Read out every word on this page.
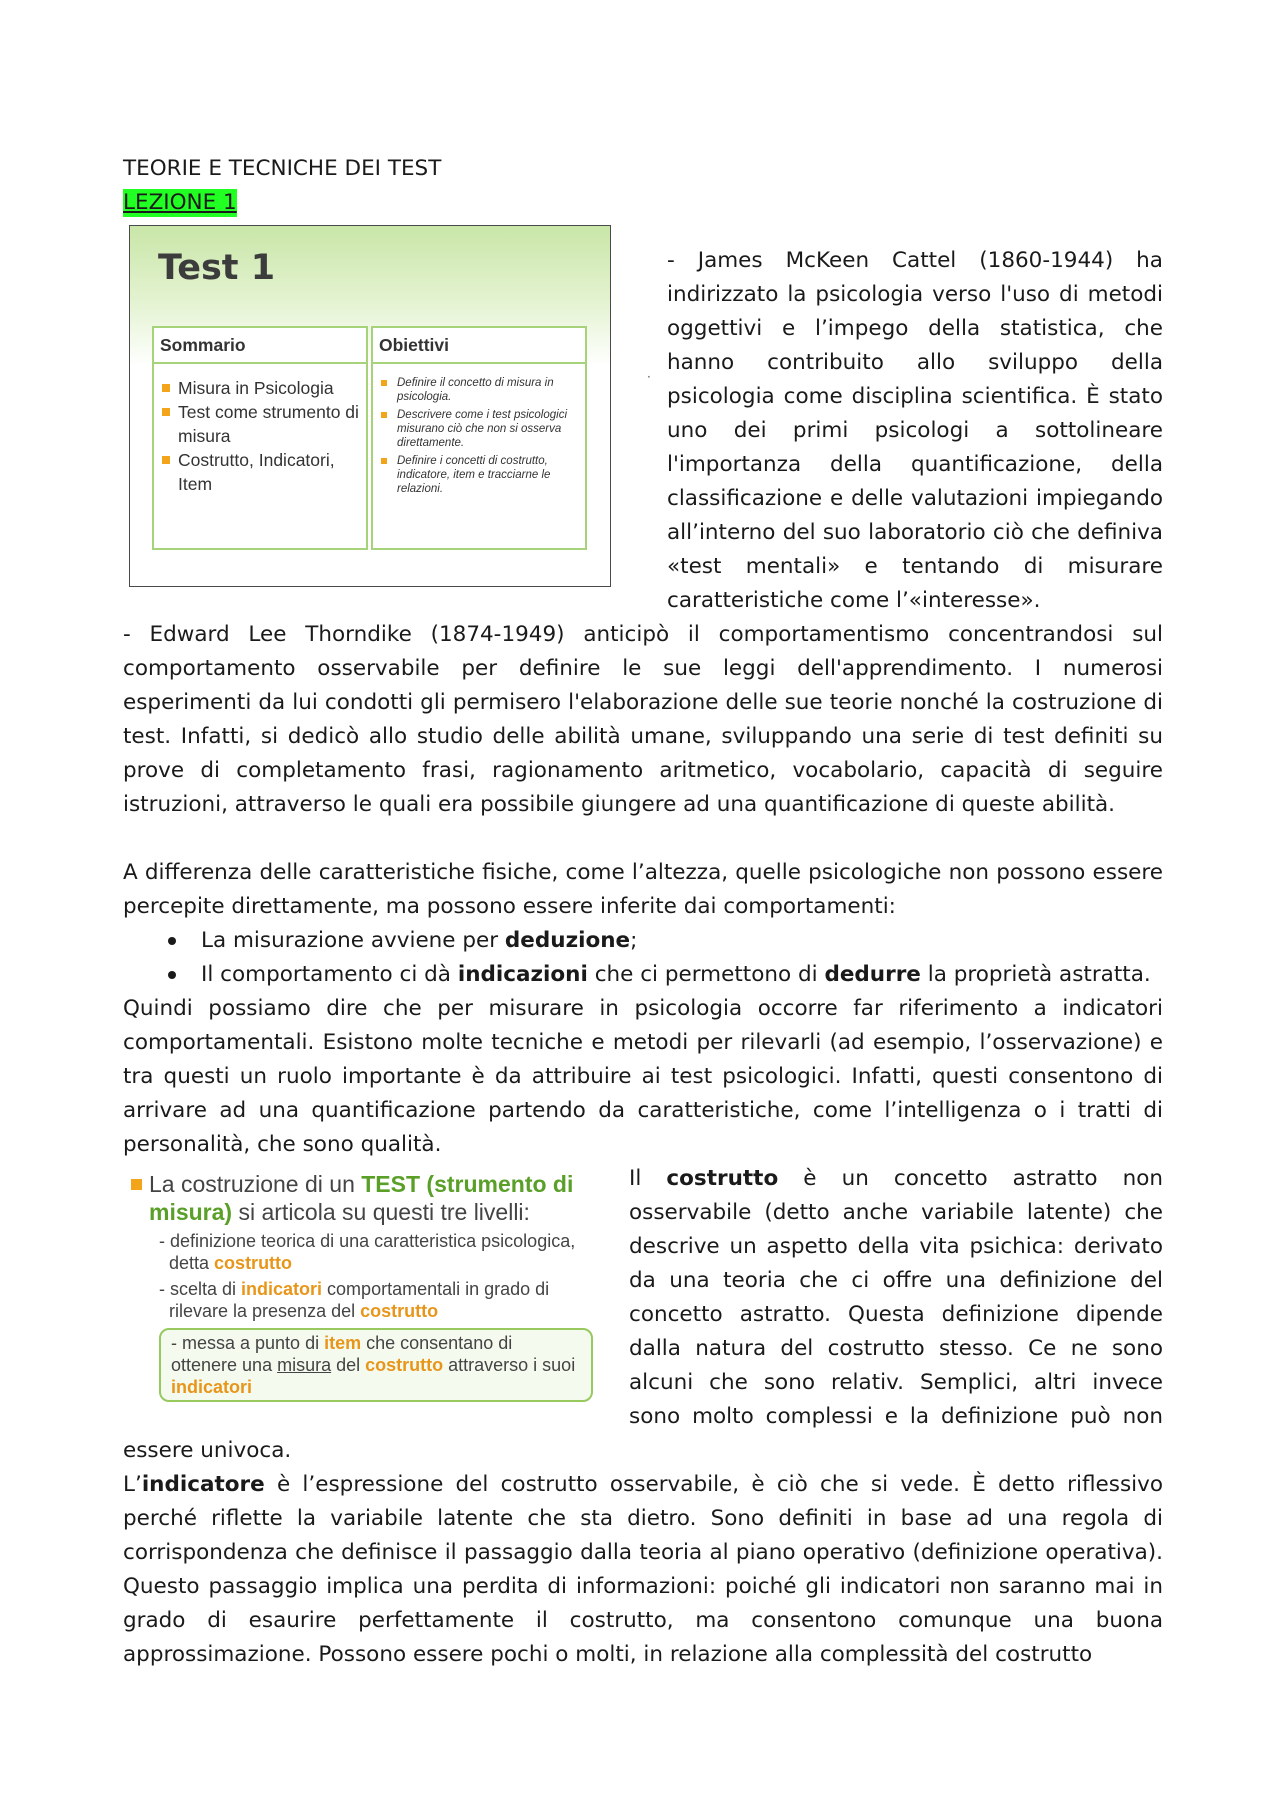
·

TEORIE E TECNICHE DEI TEST

LEZIONE 1

Test 1
Sommario
Misura in Psicologia
Test come strumento di misura
Costrutto, Indicatori, Item
Obiettivi
Definire il concetto di misura in psicologia.
Descrivere come i test psicologici misurano ciò che non si osserva direttamente.
Definire i concetti di costrutto, indicatore, item e tracciarne le relazioni.

- James McKeen Cattel (1860-1944) ha indirizzato la psicologia verso l'uso di metodi oggettivi e l’impego della statistica, che hanno contribuito allo sviluppo della psicologia come disciplina scientifica. È stato uno dei primi psicologi a sottolineare l'importanza della quantificazione, della classificazione e delle valutazioni impiegando all’interno del suo laboratorio ciò che definiva «test mentali» e tentando di misurare caratteristiche come l’«interesse».

- Edward Lee Thorndike (1874-1949) anticipò il comportamentismo concentrandosi sul comportamento osservabile per definire le sue leggi dell'apprendimento. I numerosi esperimenti da lui condotti gli permisero l'elaborazione delle sue teorie nonché la costruzione di test. Infatti, si dedicò allo studio delle abilità umane, sviluppando una serie di test definiti su prove di completamento frasi, ragionamento aritmetico, vocabolario, capacità di seguire istruzioni, attraverso le quali era possibile giungere ad una quantificazione di queste abilità.

A differenza delle caratteristiche fisiche, come l’altezza, quelle psicologiche non possono essere percepite direttamente, ma possono essere inferite dai comportamenti:

La misurazione avviene per deduzione;
Il comportamento ci dà indicazioni che ci permettono di dedurre la proprietà astratta.

Quindi possiamo dire che per misurare in psicologia occorre far riferimento a indicatori comportamentali. Esistono molte tecniche e metodi per rilevarli (ad esempio, l’osservazione) e tra questi un ruolo importante è da attribuire ai test psicologici. Infatti, questi consentono di arrivare ad una quantificazione partendo da caratteristiche, come l’intelligenza o i tratti di personalità, che sono qualità.

La costruzione di un TEST (strumento di misura) si articola su questi tre livelli:
- definizione teorica di una caratteristica psicologica, detta costrutto
- scelta di indicatori comportamentali in grado di rilevare la presenza del costrutto
- messa a punto di item che consentano di ottenere una misura del costrutto attraverso i suoi indicatori

Il costrutto è un concetto astratto non osservabile (detto anche variabile latente) che descrive un aspetto della vita psichica: derivato da una teoria che ci offre una definizione del concetto astratto. Questa definizione dipende dalla natura del costrutto stesso. Ce ne sono alcuni che sono relativ. Semplici, altri invece sono molto complessi e la definizione può non essere univoca.

L’indicatore è l’espressione del costrutto osservabile, è ciò che si vede. È detto riflessivo perché riflette la variabile latente che sta dietro. Sono definiti in base ad una regola di corrispondenza che definisce il passaggio dalla teoria al piano operativo (definizione operativa). Questo passaggio implica una perdita di informazioni: poiché gli indicatori non saranno mai in grado di esaurire perfettamente il costrutto, ma consentono comunque una buona approssimazione. Possono essere pochi o molti, in relazione alla complessità del costrutto
